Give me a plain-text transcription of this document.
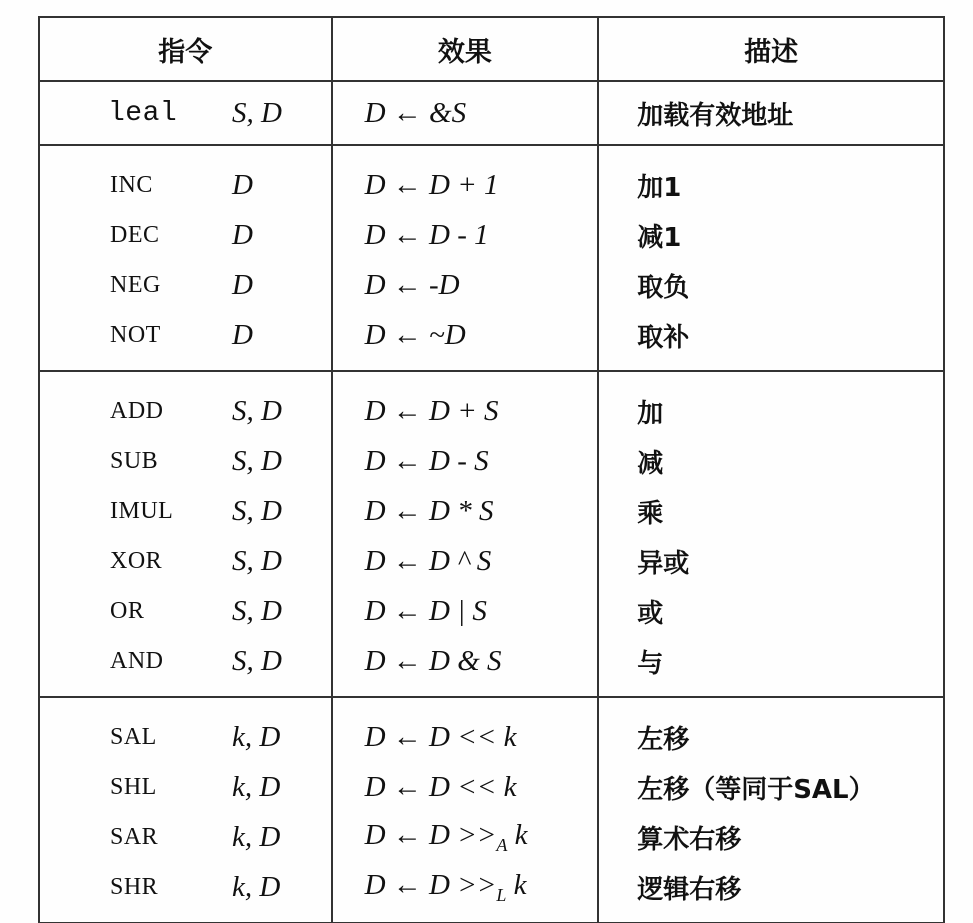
指令	效果	描述

leal S, D	D ← &S	加载有效地址

INC D	D ← D + 1	加1

DEC D	D ← D - 1	减1

NEG D	D ← -D	取负

NOT D	D ← ~D	取补

ADD S, D	D ← D + S	加

SUB S, D	D ← D - S	减

IMUL S, D	D ← D * S	乘

XOR S, D	D ← D ^ S	异或

OR S, D	D ← D | S	或

AND S, D	D ← D & S	与

SAL k, D	D ← D << k	左移

SHL k, D	D ← D << k	左移（等同于SAL）

SAR k, D	D ← $D >>_A$ k	算术右移

SHR k, D	D ← $D >>_L$ k	逻辑右移
